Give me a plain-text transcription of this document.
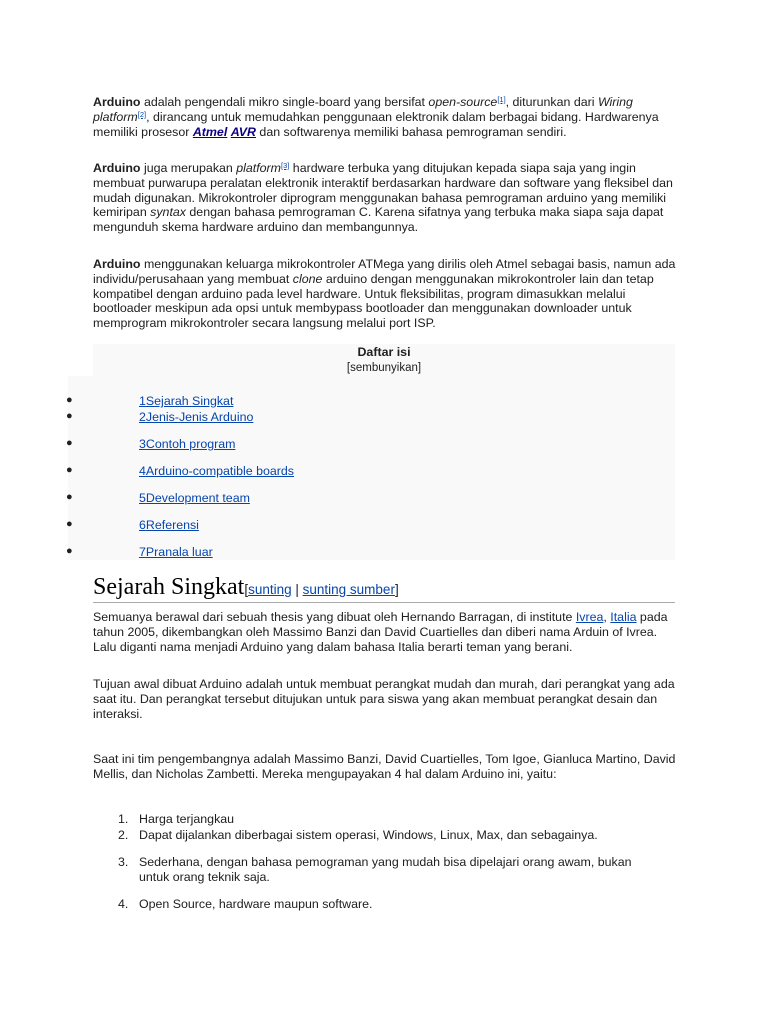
Arduino adalah pengendali mikro single-board yang bersifat open-source[1], diturunkan dari Wiring platform[2], dirancang untuk memudahkan penggunaan elektronik dalam berbagai bidang. Hardwarenya memiliki prosesor Atmel AVR dan softwarenya memiliki bahasa pemrograman sendiri.

Arduino juga merupakan platform[3] hardware terbuka yang ditujukan kepada siapa saja yang ingin membuat purwarupa peralatan elektronik interaktif berdasarkan hardware dan software yang fleksibel dan mudah digunakan. Mikrokontroler diprogram menggunakan bahasa pemrograman arduino yang memiliki kemiripan syntax dengan bahasa pemrograman C. Karena sifatnya yang terbuka maka siapa saja dapat mengunduh skema hardware arduino dan membangunnya.

Arduino menggunakan keluarga mikrokontroler ATMega yang dirilis oleh Atmel sebagai basis, namun ada individu/perusahaan yang membuat clone arduino dengan menggunakan mikrokontroler lain dan tetap kompatibel dengan arduino pada level hardware. Untuk fleksibilitas, program dimasukkan melalui bootloader meskipun ada opsi untuk membypass bootloader dan menggunakan downloader untuk memprogram mikrokontroler secara langsung melalui port ISP.

Daftar isi
[sembunyikan]
●	1Sejarah Singkat
●	2Jenis-Jenis Arduino
●	3Contoh program
●	4Arduino-compatible boards
●	5Development team
●	6Referensi
●	7Pranala luar
Sejarah Singkat[sunting | sunting sumber]

Semuanya berawal dari sebuah thesis yang dibuat oleh Hernando Barragan, di institute Ivrea, Italia pada tahun 2005, dikembangkan oleh Massimo Banzi dan David Cuartielles dan diberi nama Arduin of Ivrea. Lalu diganti nama menjadi Arduino yang dalam bahasa Italia berarti teman yang berani.

Tujuan awal dibuat Arduino adalah untuk membuat perangkat mudah dan murah, dari perangkat yang ada saat itu. Dan perangkat tersebut ditujukan untuk para siswa yang akan membuat perangkat desain dan interaksi.

Saat ini tim pengembangnya adalah Massimo Banzi, David Cuartielles, Tom Igoe, Gianluca Martino, David Mellis, dan Nicholas Zambetti. Mereka mengupayakan 4 hal dalam Arduino ini, yaitu:

1. Harga terjangkau
2. Dapat dijalankan diberbagai sistem operasi, Windows, Linux, Max, dan sebagainya.
3. Sederhana, dengan bahasa pemograman yang mudah bisa dipelajari orang awam, bukan untuk orang teknik saja.
4. Open Source, hardware maupun software.
